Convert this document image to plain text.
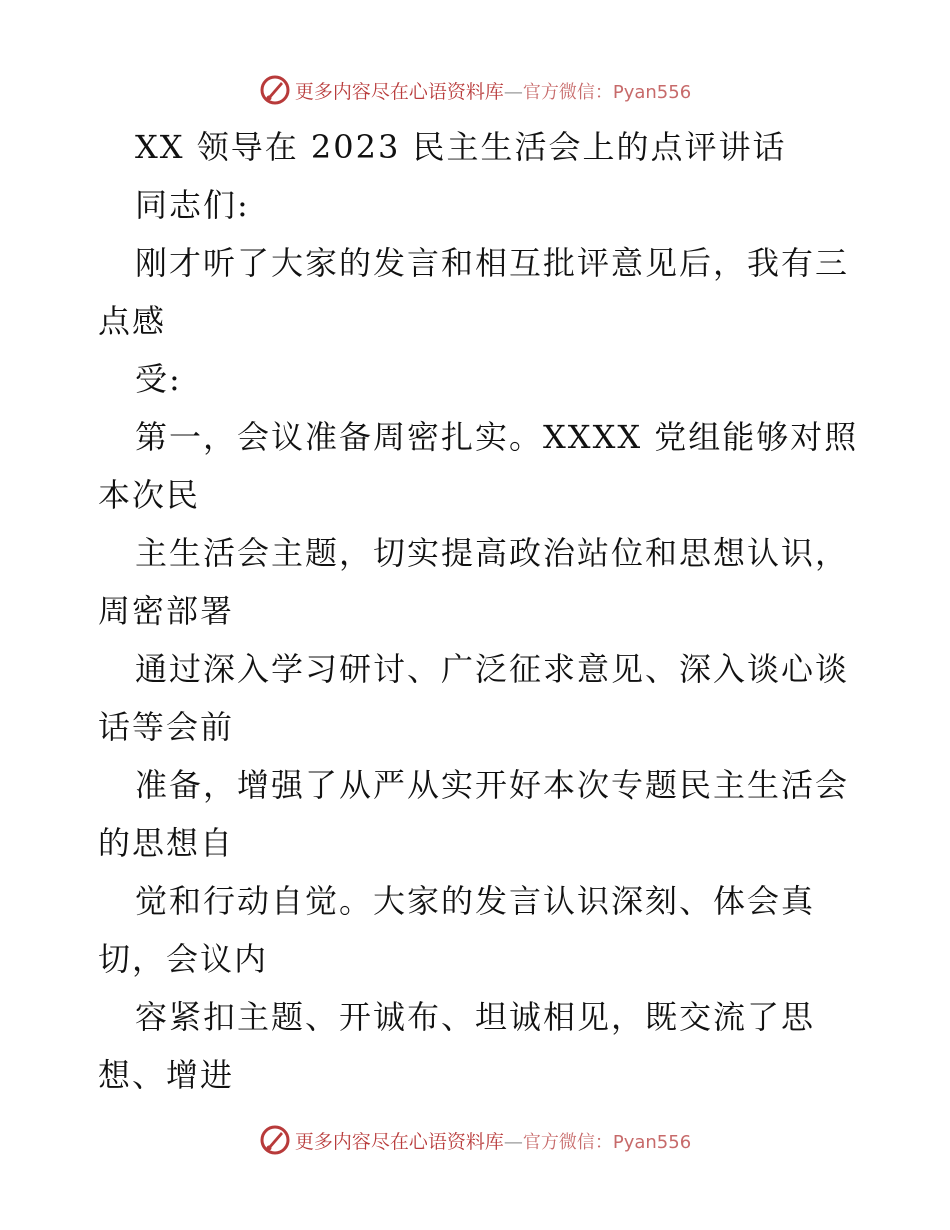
更多内容尽在心语资料库—官方微信：Pyan556
XX 领导在 2023 民主生活会上的点评讲话
同志们:
刚才听了大家的发言和相互批评意见后，我有三
点感
受:
第一，会议准备周密扎实。XXXX 党组能够对照
本次民
主生活会主题，切实提高政治站位和思想认识，
周密部署
通过深入学习研讨、广泛征求意见、深入谈心谈
话等会前
准备，增强了从严从实开好本次专题民主生活会
的思想自
觉和行动自觉。大家的发言认识深刻、体会真
切，会议内
容紧扣主题、开诚布、坦诚相见，既交流了思
想、增进
更多内容尽在心语资料库—官方微信：Pyan556
